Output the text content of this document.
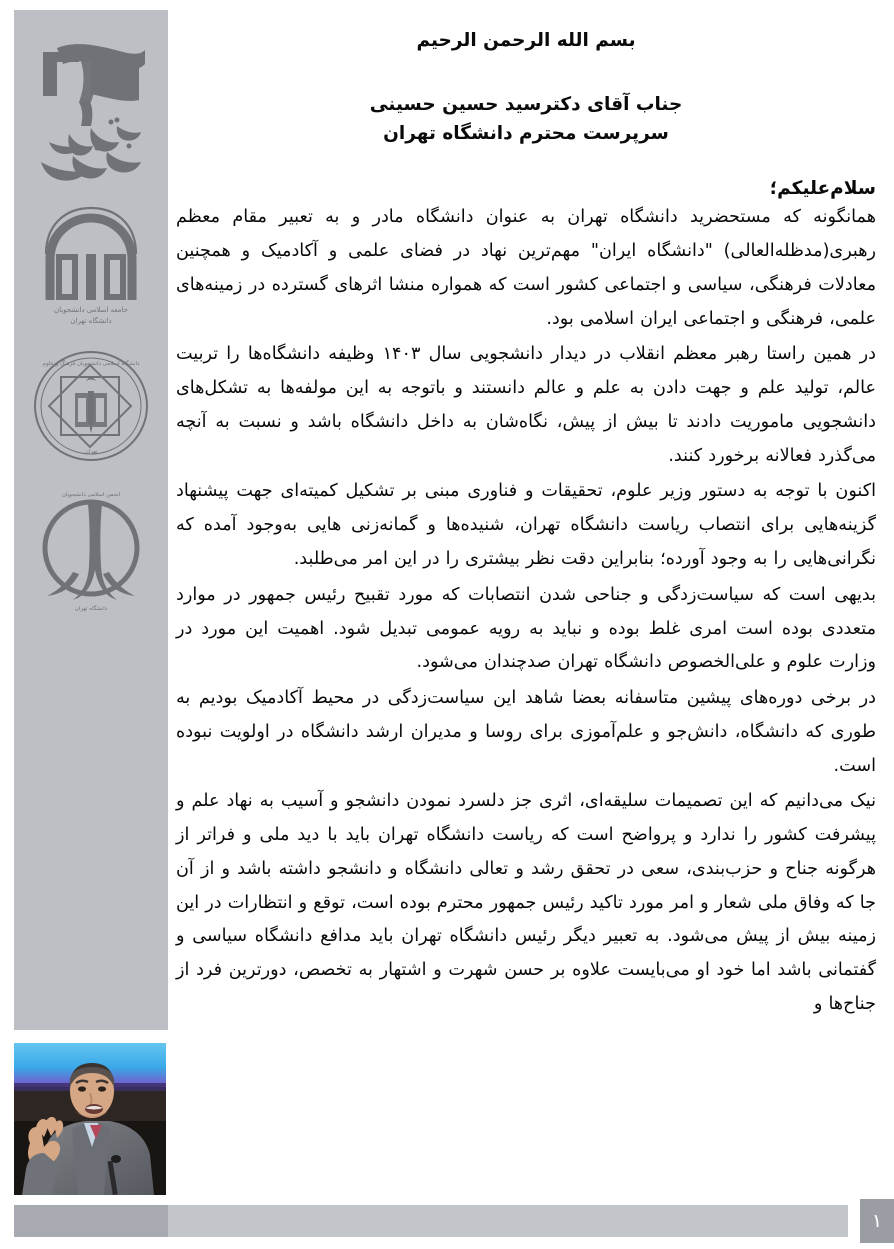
جامعه اسلامی دانشجویان
دانشگاه تهران
دانشگاه اسلامی دانشجویان فرهنگ و علوم
تهران
انجمن اسلامی دانشجویان
دانشگاه تهران
بسم الله الرحمن الرحیم
جناب آقای دکترسید حسین حسینی
سرپرست محترم دانشگاه تهران
سلام‌علیکم؛

همانگونه که مستحضرید دانشگاه تهران به عنوان دانشگاه مادر و به تعبیر مقام معظم رهبری(مدظله‌العالی) "دانشگاه ایران" مهم‌ترین نهاد در فضای علمی و آکادمیک و همچنین معادلات فرهنگی، سیاسی و اجتماعی کشور است که همواره منشا اثرهای گسترده در زمینه‌های علمی، فرهنگی و اجتماعی ایران اسلامی بود.

در همین راستا رهبر معظم انقلاب در دیدار دانشجویی سال ۱۴۰۳ وظیفه دانشگاه‌ها را تربیت عالم، تولید علم و جهت دادن به علم و عالم دانستند و باتوجه به این مولفه‌ها به تشکل‌های دانشجویی ماموریت دادند تا بیش از پیش، نگاه‌شان به داخل دانشگاه باشد و نسبت به آنچه می‌گذرد فعالانه برخورد کنند.

اکنون با توجه به دستور وزیر علوم، تحقیقات و فناوری مبنی بر تشکیل کمیته‌ای جهت پیشنهاد گزینه‌هایی برای انتصاب ریاست دانشگاه تهران، شنیده‌ها و گمانه‌زنی هایی به‌وجود آمده که نگرانی‌هایی را به وجود آورده؛ بنابراین دقت نظر بیشتری را در این امر می‌طلبد.

بدیهی است که سیاست‌زدگی و جناحی شدن انتصابات که مورد تقبیح رئیس جمهور در موارد متعددی بوده است امری غلط بوده و نباید به رویه عمومی تبدیل شود. اهمیت این مورد در وزارت علوم و علی‌الخصوص دانشگاه تهران صدچندان می‌شود.

در برخی دوره‌های پیشین متاسفانه بعضا شاهد این سیاست‌زدگی در محیط آکادمیک بودیم به طوری که دانشگاه، دانش‌جو و علم‌آموزی برای روسا و مدیران ارشد دانشگاه در اولویت نبوده است.

نیک می‌دانیم که این تصمیمات سلیقه‌ای، اثری جز دلسرد نمودن دانشجو و آسیب به نهاد علم و پیشرفت کشور را ندارد و پرواضح است که ریاست دانشگاه تهران باید با دید ملی و فراتر از هرگونه جناح و حزب‌بندی، سعی در تحقق رشد و تعالی دانشگاه و دانشجو داشته باشد و از آن جا که وفاق ملی شعار و امر مورد تاکید رئیس جمهور محترم بوده است، توقع و انتظارات در این زمینه بیش از پیش می‌شود. به تعبیر دیگر رئیس دانشگاه تهران باید مدافع دانشگاه سیاسی و گفتمانی باشد اما خود او می‌بایست علاوه بر حسن شهرت و اشتهار به تخصص، دورترین فرد از جناح‌ها و

۱
